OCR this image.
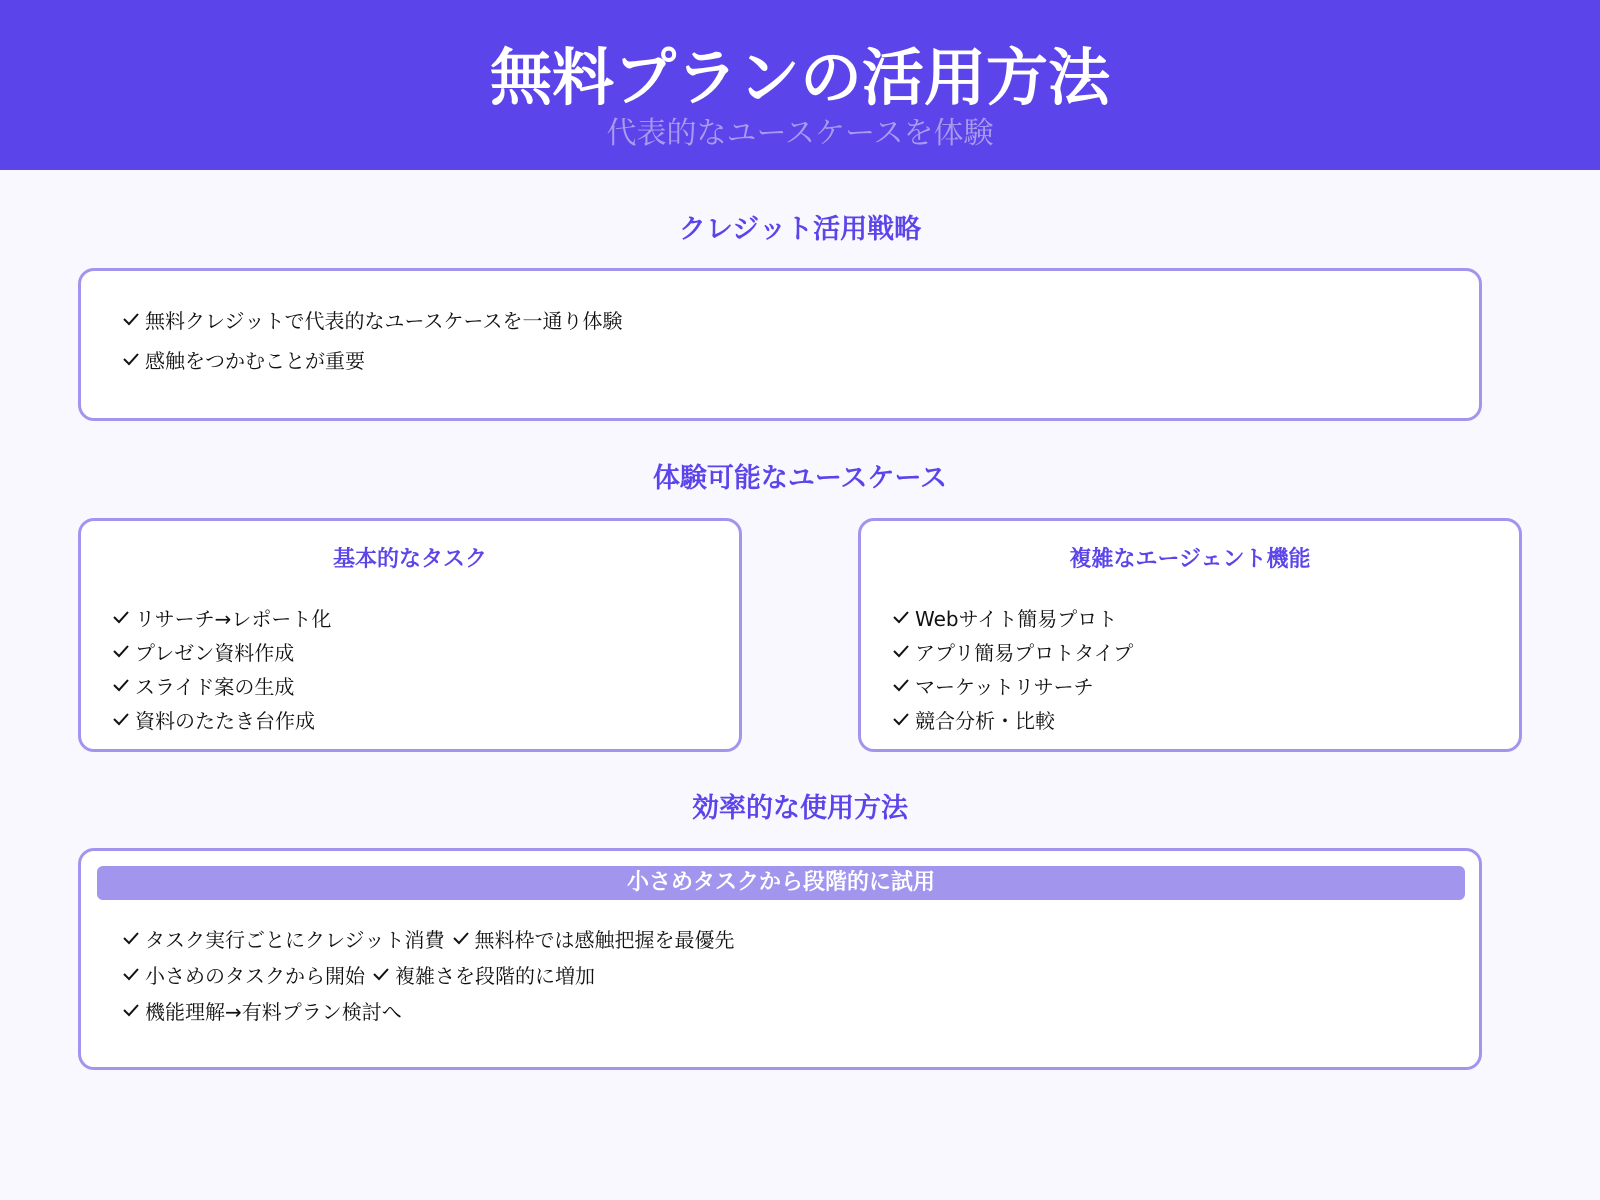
無料プランの活用方法
代表的なユースケースを体験
クレジット活用戦略
無料クレジットで代表的なユースケースを一通り体験
感触をつかむことが重要
体験可能なユースケース
基本的なタスク
リサーチ→レポート化
プレゼン資料作成
スライド案の生成
資料のたたき台作成
複雑なエージェント機能
Webサイト簡易プロト
アプリ簡易プロトタイプ
マーケットリサーチ
競合分析・比較
効率的な使用方法
小さめタスクから段階的に試用
タスク実行ごとにクレジット消費 無料枠では感触把握を最優先
小さめのタスクから開始 複雑さを段階的に増加
機能理解→有料プラン検討へ
